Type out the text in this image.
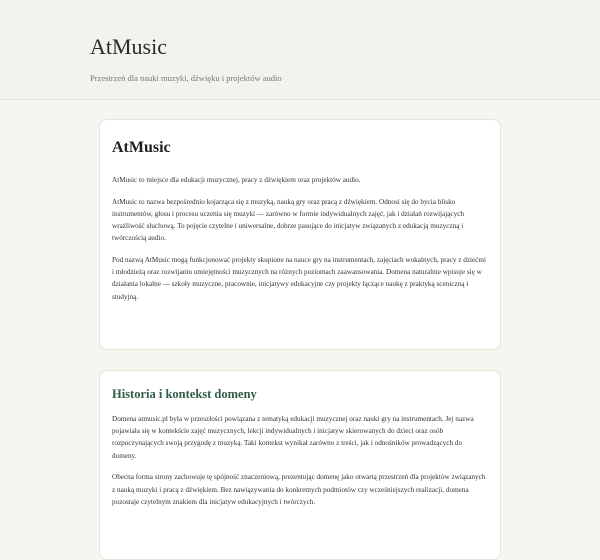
AtMusic
Przestrzeń dla nauki muzyki, dźwięku i projektów audio
AtMusic

AtMusic to miejsce dla edukacji muzycznej, pracy z dźwiękiem oraz projektów audio.

AtMusic to nazwa bezpośrednio kojarząca się z muzyką, nauką gry oraz pracą z dźwiękiem. Odnosi się do bycia blisko instrumentów, głosu i procesu uczenia się muzyki — zarówno w formie indywidualnych zajęć, jak i działań rozwijających wrażliwość słuchową. To pojęcie czytelne i uniwersalne, dobrze pasujące do inicjatyw związanych z edukacją muzyczną i twórczością audio.

Pod nazwą AtMusic mogą funkcjonować projekty skupione na nauce gry na instrumentach, zajęciach wokalnych, pracy z dziećmi i młodzieżą oraz rozwijaniu umiejętności muzycznych na różnych poziomach zaawansowania. Domena naturalnie wpisuje się w działania lokalne — szkoły muzyczne, pracownie, inicjatywy edukacyjne czy projekty łączące naukę z praktyką sceniczną i studyjną.

Historia i kontekst domeny

Domena atmusic.pl była w przeszłości powiązana z tematyką edukacji muzycznej oraz nauki gry na instrumentach. Jej nazwa pojawiała się w kontekście zajęć muzycznych, lekcji indywidualnych i inicjatyw skierowanych do dzieci oraz osób rozpoczynających swoją przygodę z muzyką. Taki kontekst wynikał zarówno z treści, jak i odnośników prowadzących do domeny.

Obecna forma strony zachowuje tę spójność znaczeniową, prezentując domenę jako otwartą przestrzeń dla projektów związanych z nauką muzyki i pracą z dźwiękiem. Bez nawiązywania do konkretnych podmiotów czy wcześniejszych realizacji, domena pozostaje czytelnym znakiem dla inicjatyw edukacyjnych i twórczych.
